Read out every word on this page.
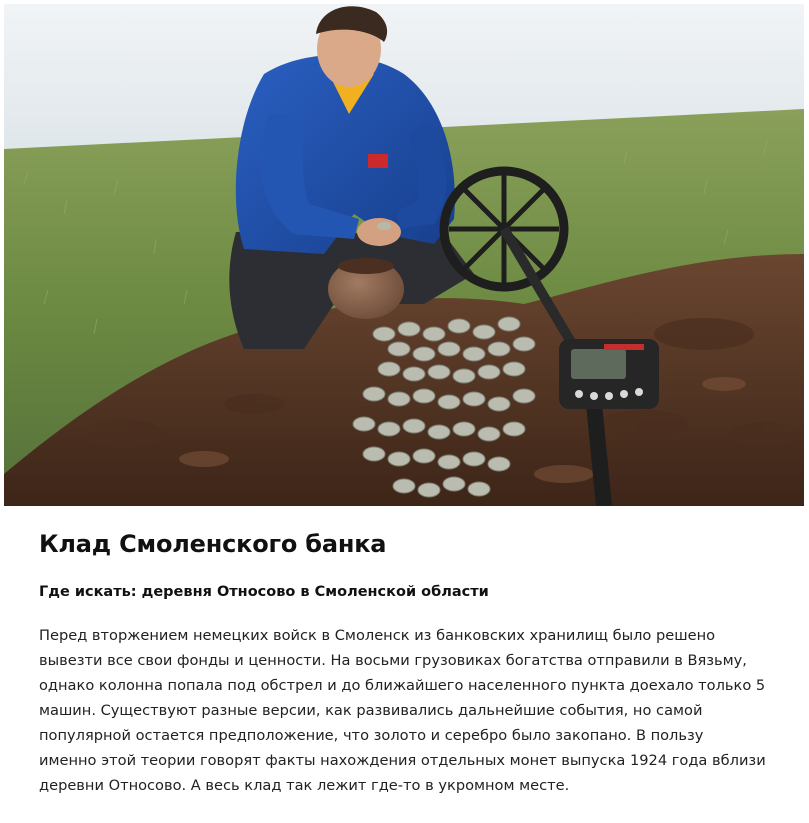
Клад Смоленского банка

Где искать: деревня Относово в Смоленской области

Перед вторжением немецких войск в Смоленск из банковских хранилищ было решено
вывезти все свои фонды и ценности. На восьми грузовиках богатства отправили в Вязьму,
однако колонна попала под обстрел и до ближайшего населенного пункта доехало только 5
машин. Существуют разные версии, как развивались дальнейшие события, но самой
популярной остается предположение, что золото и серебро было закопано. В пользу
именно этой теории говорят факты нахождения отдельных монет выпуска 1924 года вблизи
деревни Относово. А весь клад так лежит где-то в укромном месте.
